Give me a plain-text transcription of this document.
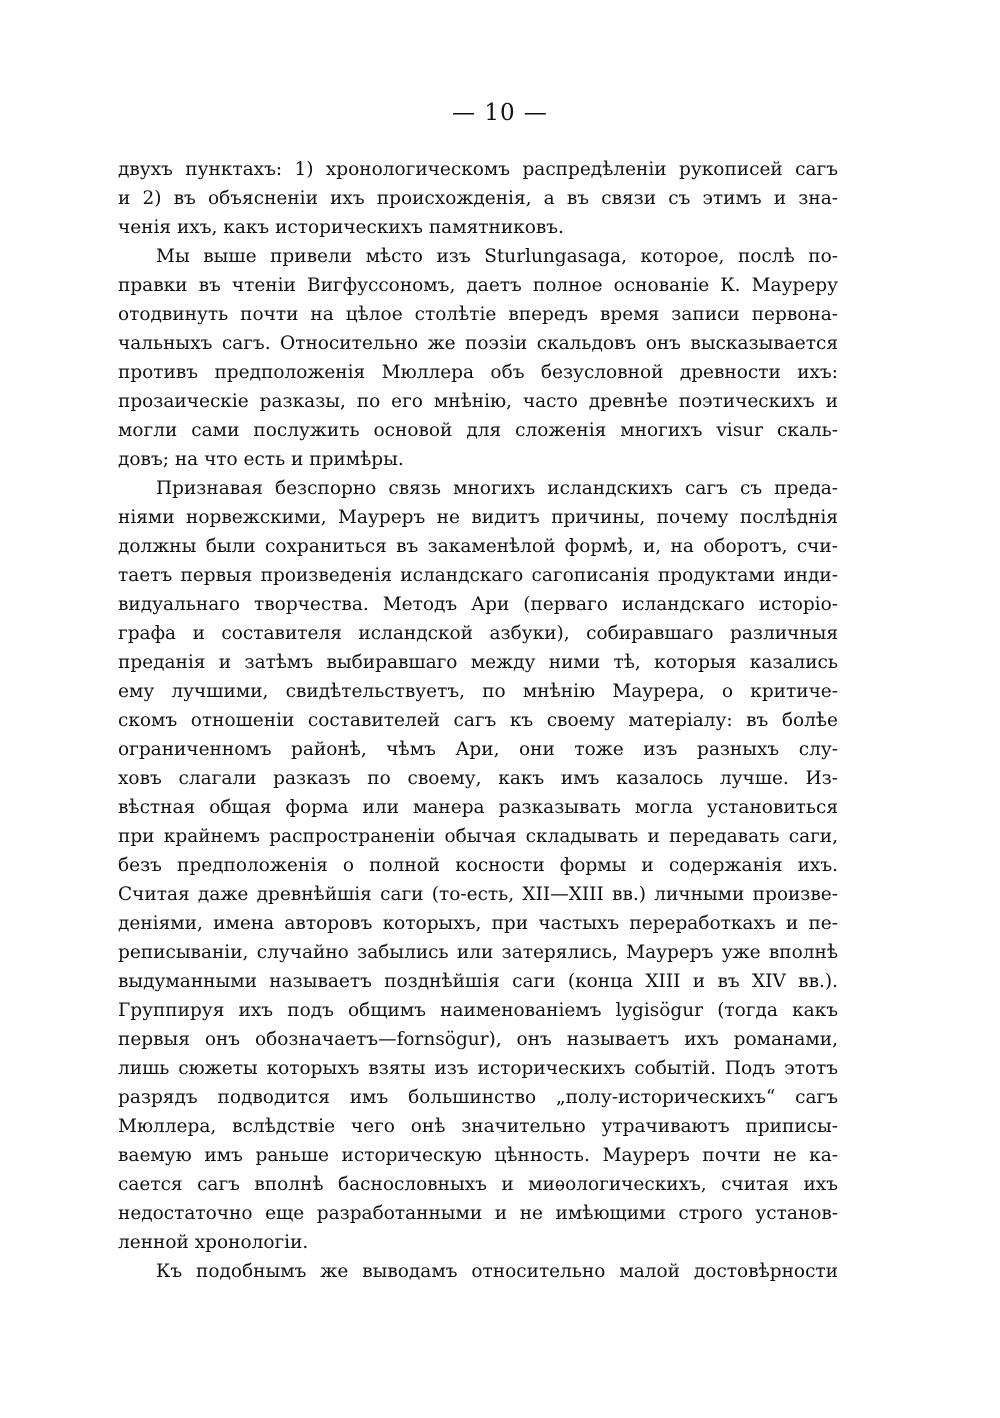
— 10 —
двухъ пунктахъ: 1) хронологическомъ распредѣленіи рукописей сагъ
и 2) въ объясненіи ихъ происхожденія, а въ связи съ этимъ и зна-
ченія ихъ, какъ историческихъ памятниковъ.
Мы выше привели мѣсто изъ Sturlungasaga, которое, послѣ по-
правки въ чтеніи Вигфуссономъ, даетъ полное основаніе К. Мауреру
отодвинуть почти на цѣлое столѣтіе впередъ время записи первона-
чальныхъ сагъ. Относительно же поэзіи скальдовъ онъ высказывается
противъ предположенія Мюллера объ безусловной древности ихъ:
прозаическіе разказы, по его мнѣнію, часто древнѣе поэтическихъ и
могли сами послужить основой для сложенія многихъ visur скаль-
довъ; на что есть и примѣры.
Признавая безспорно связь многихъ исландскихъ сагъ съ преда-
ніями норвежскими, Мауреръ не видитъ причины, почему послѣднія
должны были сохраниться въ закаменѣлой формѣ, и, на оборотъ, счи-
таетъ первыя произведенія исландскаго сагописанія продуктами инди-
видуальнаго творчества. Методъ Ари (перваго исландскаго исторіо-
графа и составителя исландской азбуки), собиравшаго различныя
преданія и затѣмъ выбиравшаго между ними тѣ, которыя казались
ему лучшими, свидѣтельствуетъ, по мнѣнію Маурера, о критиче-
скомъ отношеніи составителей сагъ къ своему матеріалу: въ болѣе
ограниченномъ районѣ, чѣмъ Ари, они тоже изъ разныхъ слу-
ховъ слагали разказъ по своему, какъ имъ казалось лучше. Из-
вѣстная общая форма или манера разказывать могла установиться
при крайнемъ распространеніи обычая складывать и передавать саги,
безъ предположенія о полной косности формы и содержанія ихъ.
Считая даже древнѣйшія саги (то-есть, XII—XIII вв.) личными произве-
деніями, имена авторовъ которыхъ, при частыхъ переработкахъ и пе-
реписываніи, случайно забылись или затерялись, Мауреръ уже вполнѣ
выдуманными называетъ позднѣйшія саги (конца XIII и въ XIV вв.).
Группируя ихъ подъ общимъ наименованіемъ lygisögur (тогда какъ
первыя онъ обозначаетъ—fornsögur), онъ называетъ ихъ романами,
лишь сюжеты которыхъ взяты изъ историческихъ событій. Подъ этотъ
разрядъ подводится имъ большинство „полу-историческихъ“ сагъ
Мюллера, вслѣдствіе чего онѣ значительно утрачиваютъ приписы-
ваемую имъ раньше историческую цѣнность. Мауреръ почти не ка-
сается сагъ вполнѣ баснословныхъ и миѳологическихъ, считая ихъ
недостаточно еще разработанными и не имѣющими строго установ-
ленной хронологіи.
Къ подобнымъ же выводамъ относительно малой достовѣрности
